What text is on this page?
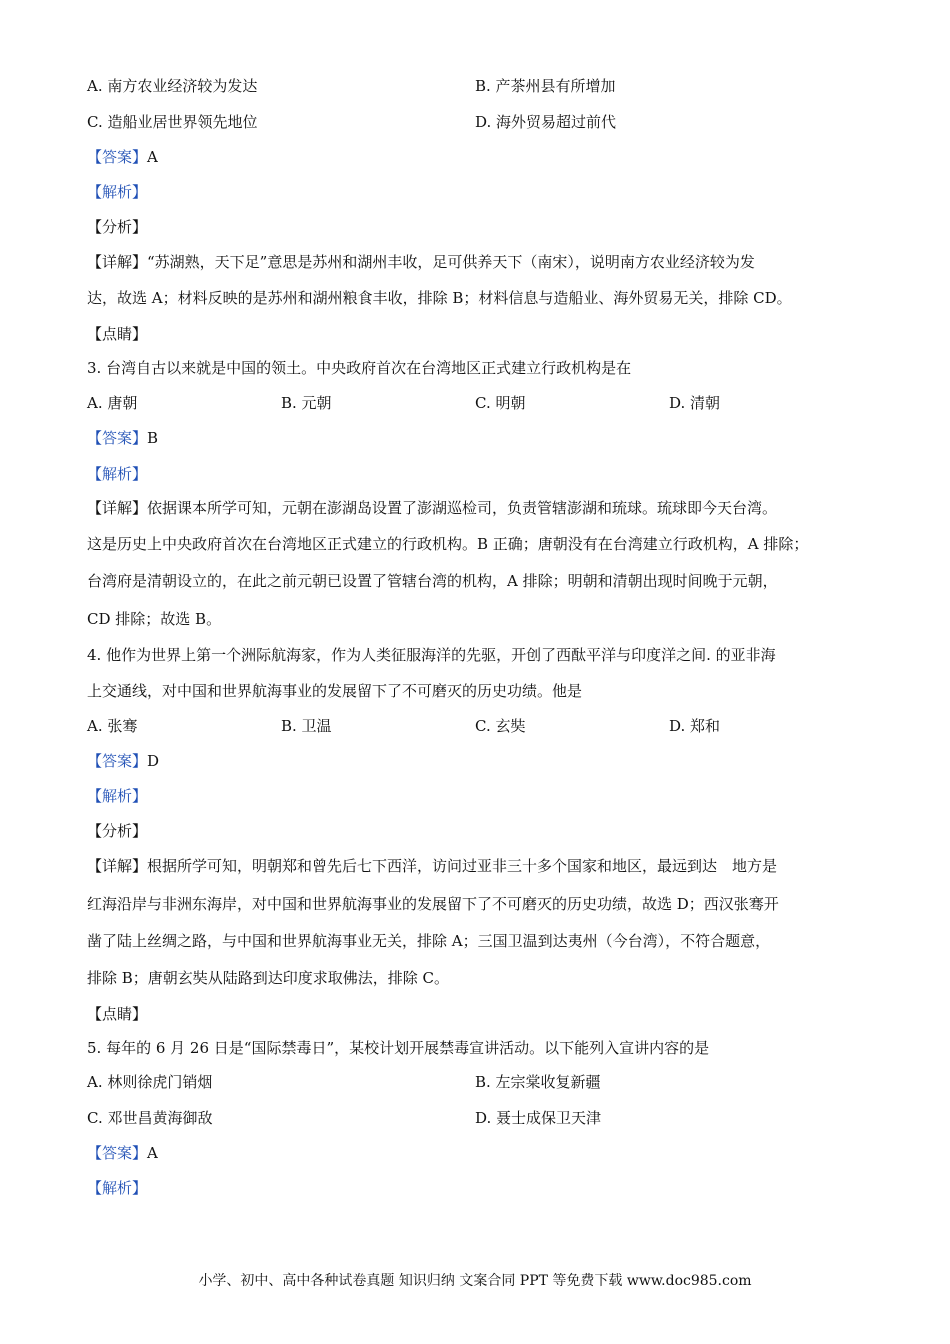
A. 南方农业经济较为发达	B. 产茶州县有所增加
C. 造船业居世界领先地位	D. 海外贸易超过前代
【答案】A
【解析】
【分析】
【详解】“苏湖熟，天下足”意思是苏州和湖州丰收，足可供养天下（南宋），说明南方农业经济较为发
达，故选 A；材料反映的是苏州和湖州粮食丰收，排除 B；材料信息与造船业、海外贸易无关，排除 CD。
【点睛】
3. 台湾自古以来就是中国的领土。中央政府首次在台湾地区正式建立行政机构是在
A. 唐朝	B. 元朝	C. 明朝	D. 清朝
【答案】B
【解析】
【详解】依据课本所学可知，元朝在澎湖岛设置了澎湖巡检司，负责管辖澎湖和琉球。琉球即今天台湾。
这是历史上中央政府首次在台湾地区正式建立的行政机构。B 正确；唐朝没有在台湾建立行政机构，A 排除；
台湾府是清朝设立的，在此之前元朝已设置了管辖台湾的机构，A 排除；明朝和清朝出现时间晚于元朝，
CD 排除；故选 B。
4. 他作为世界上第一个洲际航海家，作为人类征服海洋的先驱，开创了西酞平洋与印度洋之间. 的亚非海
上交通线，对中国和世界航海事业的发展留下了不可磨灭的历史功绩。他是
A. 张骞	B. 卫温	C. 玄奘	D. 郑和
【答案】D
【解析】
【分析】
【详解】根据所学可知，明朝郑和曾先后七下西洋，访问过亚非三十多个国家和地区，最远到达　地方是
红海沿岸与非洲东海岸，对中国和世界航海事业的发展留下了不可磨灭的历史功绩，故选 D；西汉张骞开
凿了陆上丝绸之路，与中国和世界航海事业无关，排除 A；三国卫温到达夷州（今台湾），不符合题意，
排除 B；唐朝玄奘从陆路到达印度求取佛法，排除 C。
【点睛】
5. 每年的 6 月 26 日是“国际禁毒日”，某校计划开展禁毒宣讲活动。以下能列入宣讲内容的是
A. 林则徐虎门销烟	B. 左宗棠收复新疆
C. 邓世昌黄海御敌	D. 聂士成保卫天津
【答案】A
【解析】
小学、初中、高中各种试卷真题 知识归纳 文案合同 PPT 等免费下载 www.doc985.com
